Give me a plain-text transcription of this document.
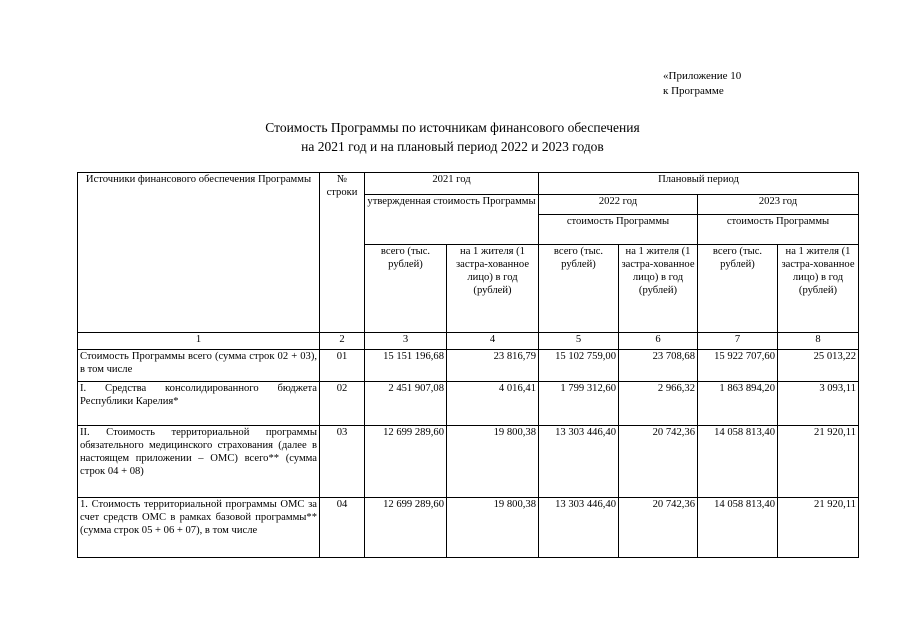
«Приложение 10
к Программе
Стоимость Программы по источникам финансового обеспечения
на 2021 год и на плановый период 2022 и 2023 годов
Источники финансового обеспечения Программы	№ строки	2021 год		Плановый период			
		утвержденная стоимость Программы		2022 год		2023 год	
				стоимость Программы		стоимость Программы	
		всего (тыс. рублей)	на 1 жителя (1 застра-хованное лицо) в год (рублей)	всего (тыс. рублей)	на 1 жителя (1 застра-хованное лицо) в год (рублей)	всего (тыс. рублей)	на 1 жителя (1 застра-хованное лицо) в год (рублей)
1	2	3	4	5	6	7	8
Стоимость Программы всего (сумма строк 02 + 03), в том числе	01	15 151 196,68	23 816,79	15 102 759,00	23 708,68	15 922 707,60	25 013,22
I. Средства консолидированного бюджета Республики Карелия*	02	2 451 907,08	4 016,41	1 799 312,60	2 966,32	1 863 894,20	3 093,11
II. Стоимость территориальной программы обязательного медицинского страхования (далее в настоящем приложении – ОМС) всего** (сумма строк 04 + 08)	03	12 699 289,60	19 800,38	13 303 446,40	20 742,36	14 058 813,40	21 920,11
1. Стоимость территориальной программы ОМС за счет средств ОМС в рамках базовой программы** (сумма строк 05 + 06 + 07), в том числе	04	12 699 289,60	19 800,38	13 303 446,40	20 742,36	14 058 813,40	21 920,11
